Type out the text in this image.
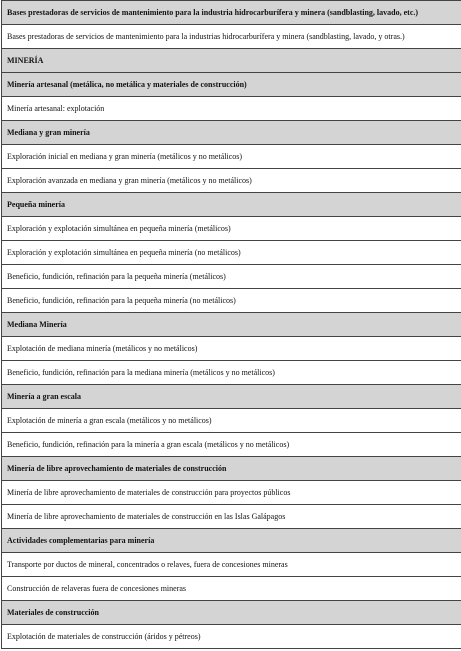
Bases prestadoras de servicios de mantenimiento para la industria hidrocarburífera y minera (sandblasting, lavado, etc.)
Bases prestadoras de servicios de mantenimiento para la industrias hidrocarburífera y minera (sandblasting, lavado, y otras.)
MINERÍA
Minería artesanal (metálica, no metálica y materiales de construcción)
Minería artesanal: explotación
Mediana y gran minería
Exploración inicial en mediana y gran minería (metálicos y no metálicos)
Exploración avanzada en mediana y gran minería (metálicos y no metálicos)
Pequeña minería
Exploración y explotación simultánea en pequeña minería (metálicos)
Exploración y explotación simultánea en pequeña minería (no metálicos)
Beneficio, fundición, refinación para la pequeña minería (metálicos)
Beneficio, fundición, refinación para la pequeña minería (no metálicos)
Mediana Minería
Explotación de mediana minería (metálicos y no metálicos)
Beneficio, fundición, refinación para la mediana minería (metálicos y no metálicos)
Minería a gran escala
Explotación de minería a gran escala (metálicos y no metálicos)
Beneficio, fundición, refinación para la minería a gran escala (metálicos y no metálicos)
Minería de libre aprovechamiento de materiales de construcción
Minería de libre aprovechamiento de materiales de construcción para proyectos públicos
Minería de libre aprovechamiento de materiales de construcción en las Islas Galápagos
Actividades complementarias para minería
Transporte por ductos de mineral, concentrados o relaves, fuera de concesiones mineras
Construcción de relaveras fuera de concesiones mineras
Materiales de construcción
Explotación de materiales de construcción (áridos y pétreos)
